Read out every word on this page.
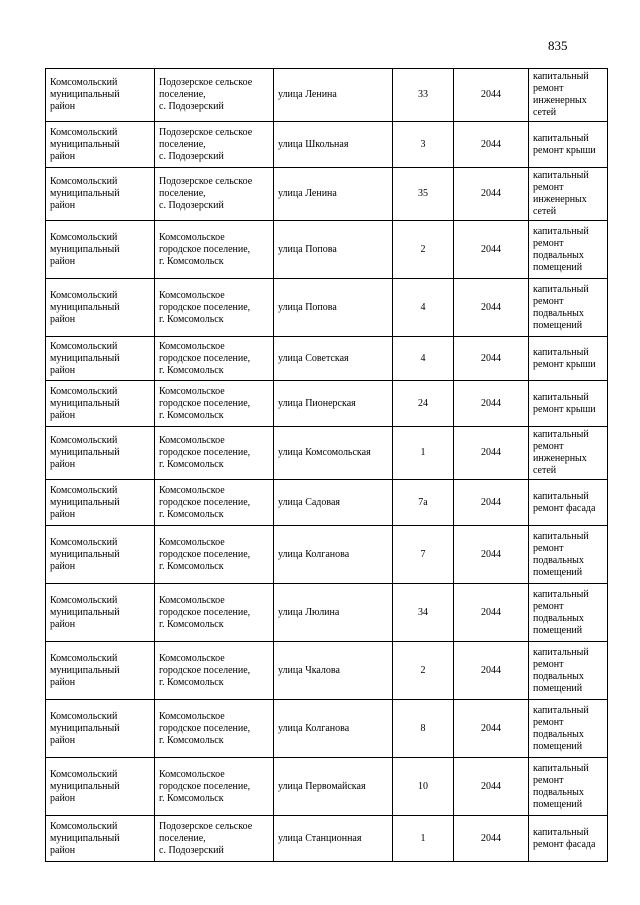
835
Комсомольский
муниципальный
район	Подозерское сельское
поселение,
с. Подозерский	улица Ленина	33	2044	капитальный
ремонт
инженерных
сетей
Комсомольский
муниципальный
район	Подозерское сельское
поселение,
с. Подозерский	улица Школьная	3	2044	капитальный
ремонт крыши
Комсомольский
муниципальный
район	Подозерское сельское
поселение,
с. Подозерский	улица Ленина	35	2044	капитальный
ремонт
инженерных
сетей
Комсомольский
муниципальный
район	Комсомольское
городское поселение,
г. Комсомольск	улица Попова	2	2044	капитальный
ремонт
подвальных
помещений
Комсомольский
муниципальный
район	Комсомольское
городское поселение,
г. Комсомольск	улица Попова	4	2044	капитальный
ремонт
подвальных
помещений
Комсомольский
муниципальный
район	Комсомольское
городское поселение,
г. Комсомольск	улица Советская	4	2044	капитальный
ремонт крыши
Комсомольский
муниципальный
район	Комсомольское
городское поселение,
г. Комсомольск	улица Пионерская	24	2044	капитальный
ремонт крыши
Комсомольский
муниципальный
район	Комсомольское
городское поселение,
г. Комсомольск	улица Комсомольская	1	2044	капитальный
ремонт
инженерных
сетей
Комсомольский
муниципальный
район	Комсомольское
городское поселение,
г. Комсомольск	улица Садовая	7а	2044	капитальный
ремонт фасада
Комсомольский
муниципальный
район	Комсомольское
городское поселение,
г. Комсомольск	улица Колганова	7	2044	капитальный
ремонт
подвальных
помещений
Комсомольский
муниципальный
район	Комсомольское
городское поселение,
г. Комсомольск	улица Люлина	34	2044	капитальный
ремонт
подвальных
помещений
Комсомольский
муниципальный
район	Комсомольское
городское поселение,
г. Комсомольск	улица Чкалова	2	2044	капитальный
ремонт
подвальных
помещений
Комсомольский
муниципальный
район	Комсомольское
городское поселение,
г. Комсомольск	улица Колганова	8	2044	капитальный
ремонт
подвальных
помещений
Комсомольский
муниципальный
район	Комсомольское
городское поселение,
г. Комсомольск	улица Первомайская	10	2044	капитальный
ремонт
подвальных
помещений
Комсомольский
муниципальный
район	Подозерское сельское
поселение,
с. Подозерский	улица Станционная	1	2044	капитальный
ремонт фасада
